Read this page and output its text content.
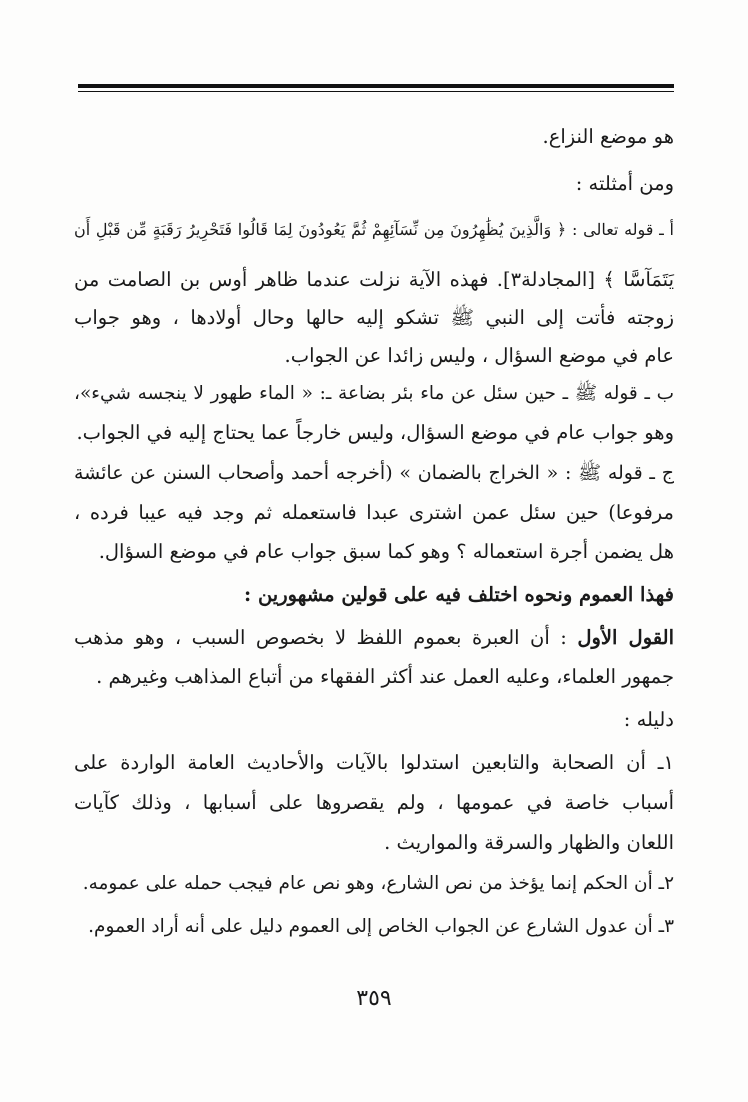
هو موضع النزاع.
ومن أمثلته :
أ ـ قوله تعالى : ﴿ وَالَّذِينَ يُظَٰهِرُونَ مِن نِّسَآئِهِمْ ثُمَّ يَعُودُونَ لِمَا قَالُوا فَتَحْرِيرُ رَقَبَةٍ مِّن قَبْلِ أَن
يَتَمَآسَّا ﴾ [المجادلة٣]. فهذه الآية نزلت عندما ظاهر أوس بن الصامت من
زوجته فأتت إلى النبي ﷺ تشكو إليه حالها وحال أولادها ، وهو جواب
عام في موضع السؤال ، وليس زائدا عن الجواب.
ب ـ قوله ﷺ ـ حين سئل عن ماء بئر بضاعة ـ: « الماء طهور لا ينجسه شيء»،
وهو جواب عام في موضع السؤال، وليس خارجاً عما يحتاج إليه في الجواب.
ج ـ قوله ﷺ : « الخراج بالضمان » (أخرجه أحمد وأصحاب السنن عن عائشة
مرفوعا) حين سئل عمن اشترى عبدا فاستعمله ثم وجد فيه عيبا فرده ،
هل يضمن أجرة استعماله ؟ وهو كما سبق جواب عام في موضع السؤال.
فهذا العموم ونحوه اختلف فيه على قولين مشهورين :
القول الأول : أن العبرة بعموم اللفظ لا بخصوص السبب ، وهو مذهب
جمهور العلماء، وعليه العمل عند أكثر الفقهاء من أتباع المذاهب وغيرهم .
دليله :
١ـ أن الصحابة والتابعين استدلوا بالآيات والأحاديث العامة الواردة على
أسباب خاصة في عمومها ، ولم يقصروها على أسبابها ، وذلك كآيات
اللعان والظهار والسرقة والمواريث .
٢ـ أن الحكم إنما يؤخذ من نص الشارع، وهو نص عام فيجب حمله على عمومه.
٣ـ أن عدول الشارع عن الجواب الخاص إلى العموم دليل على أنه أراد العموم.
٣٥٩
